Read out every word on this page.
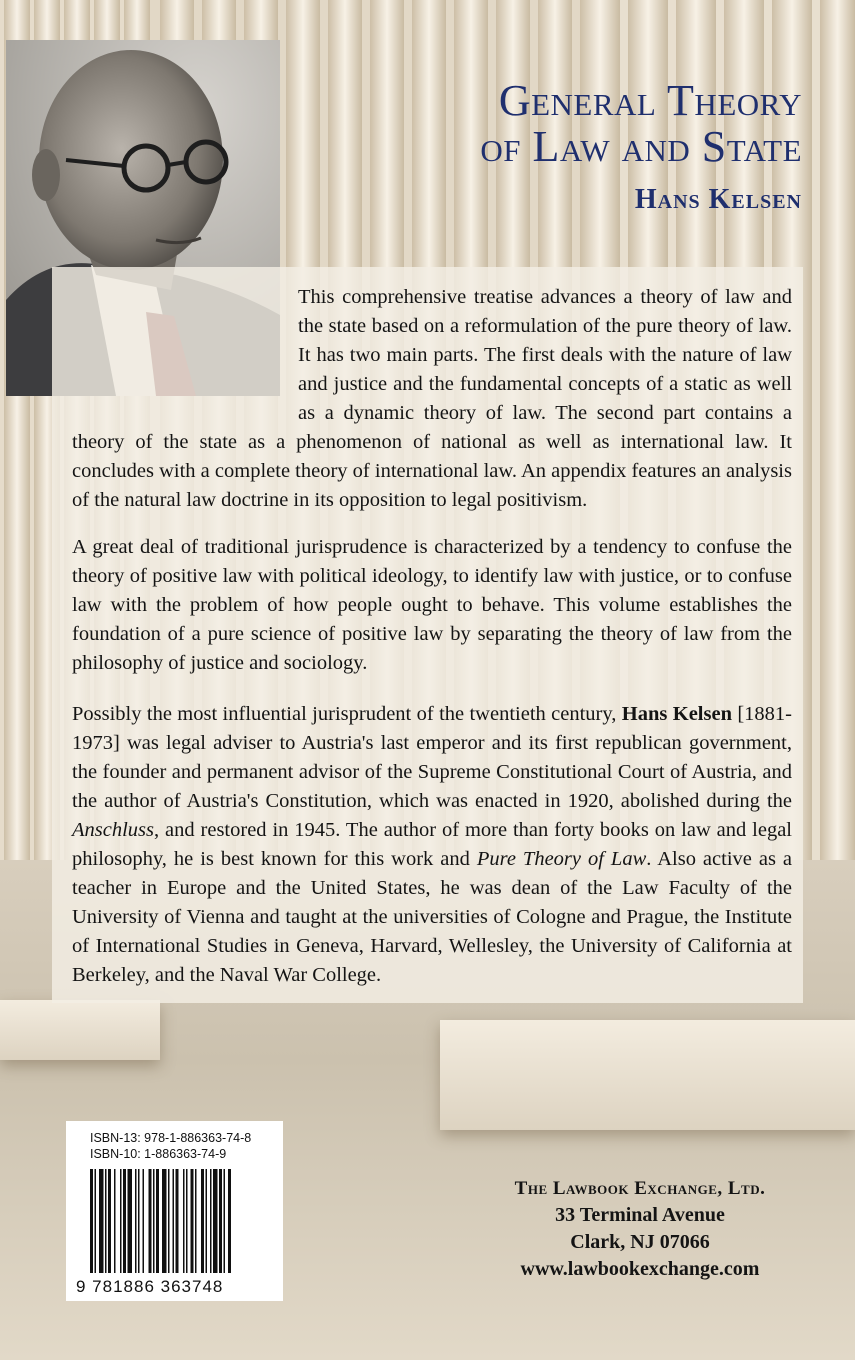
General Theory
of Law and State
Hans Kelsen
This comprehensive treatise advances a theory of law and the state based on a reformulation of the pure theory of law. It has two main parts. The first deals with the nature of law and justice and the fundamental concepts of a static as well as a dynamic theory of law. The second part contains a theory of the state as a phenomenon of national as well as international law. It concludes with a complete theory of international law. An appendix features an analysis of the natural law doctrine in its opposition to legal positivism.
A great deal of traditional jurisprudence is characterized by a tendency to confuse the theory of positive law with political ideology, to identify law with justice, or to confuse law with the problem of how people ought to behave. This volume establishes the foundation of a pure science of positive law by separating the theory of law from the philosophy of justice and sociology.
Possibly the most influential jurisprudent of the twentieth century, Hans Kelsen [1881-1973] was legal adviser to Austria's last emperor and its first republican government, the founder and permanent advisor of the Supreme Constitutional Court of Austria, and the author of Austria's Constitution, which was enacted in 1920, abolished during the Anschluss, and restored in 1945. The author of more than forty books on law and legal philosophy, he is best known for this work and Pure Theory of Law. Also active as a teacher in Europe and the United States, he was dean of the Law Faculty of the University of Vienna and taught at the universities of Cologne and Prague, the Institute of International Studies in Geneva, Harvard, Wellesley, the University of California at Berkeley, and the Naval War College.
ISBN-13: 978-1-886363-74-8
ISBN-10: 1-886363-74-9
9 781886 363748
The Lawbook Exchange, Ltd.
33 Terminal Avenue
Clark, NJ 07066
www.lawbookexchange.com
